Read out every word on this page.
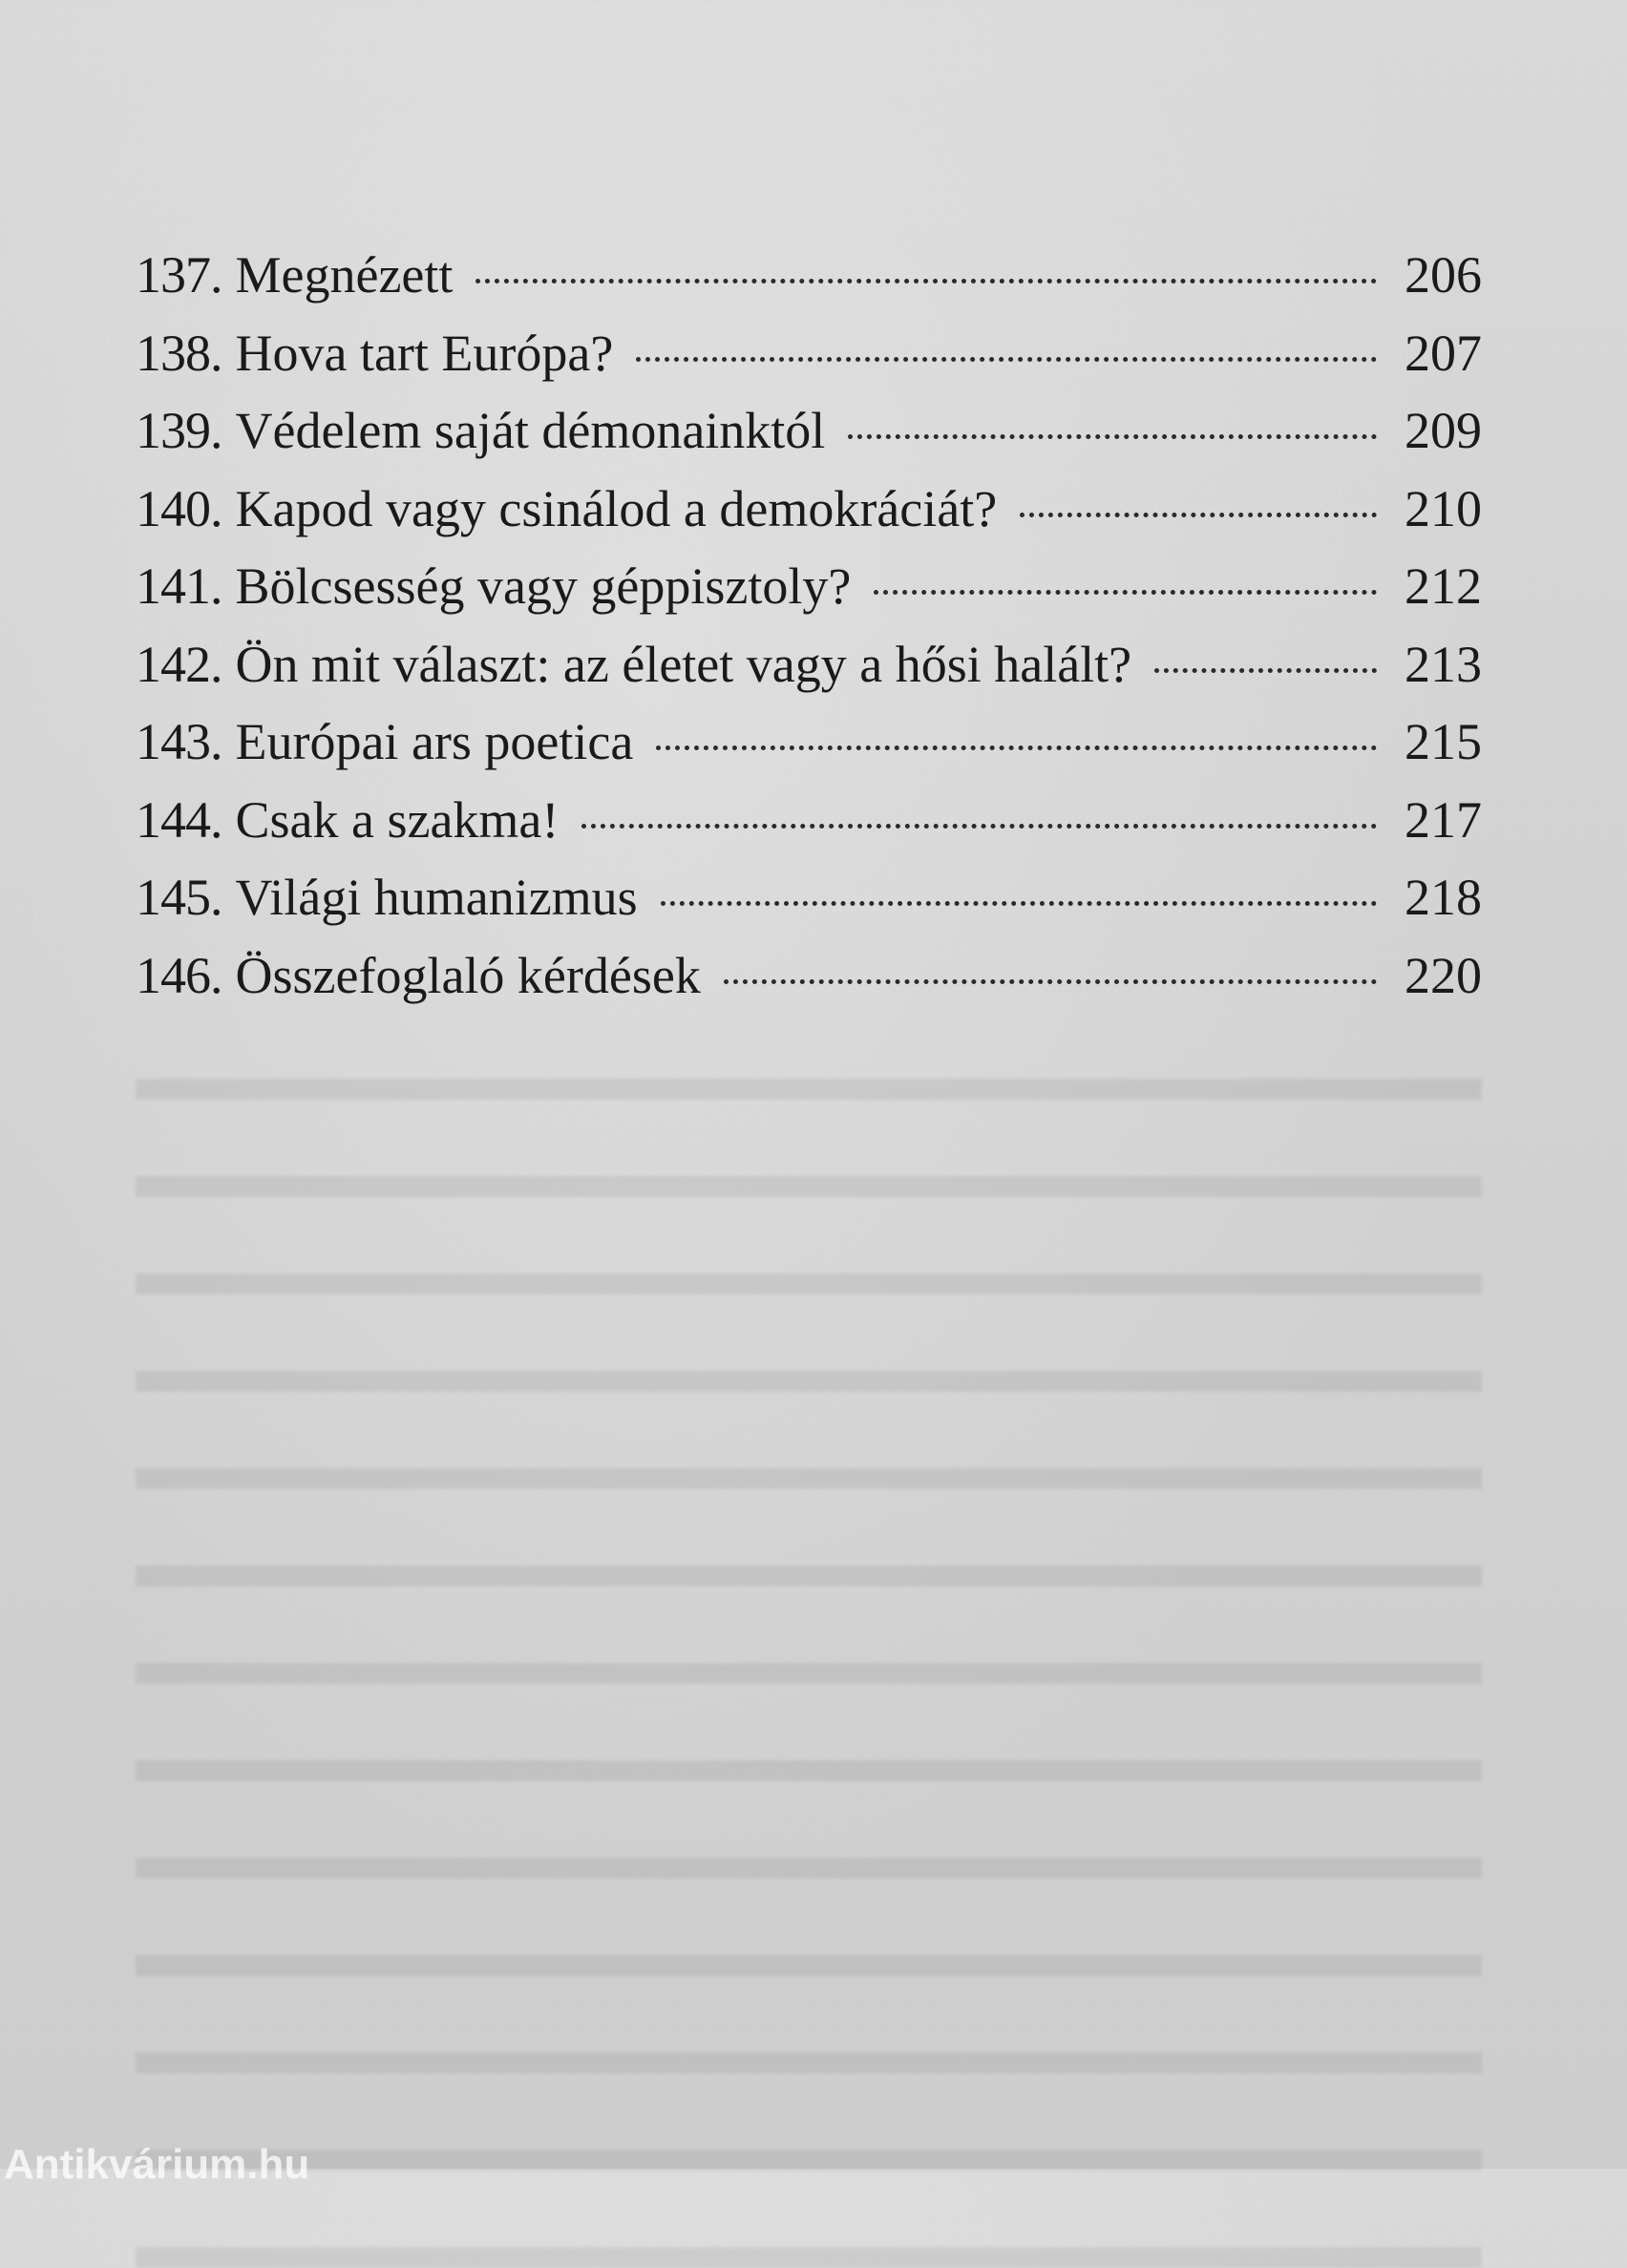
137. Megnézett	206
138. Hova tart Európa?	207
139. Védelem saját démonainktól	209
140. Kapod vagy csinálod a demokráciát?	210
141. Bölcsesség vagy géppisztoly?	212
142. Ön mit választ: az életet vagy a hősi halált?	213
143. Európai ars poetica	215
144. Csak a szakma!	217
145. Világi humanizmus	218
146. Összefoglaló kérdések	220
Antikvárium.hu
